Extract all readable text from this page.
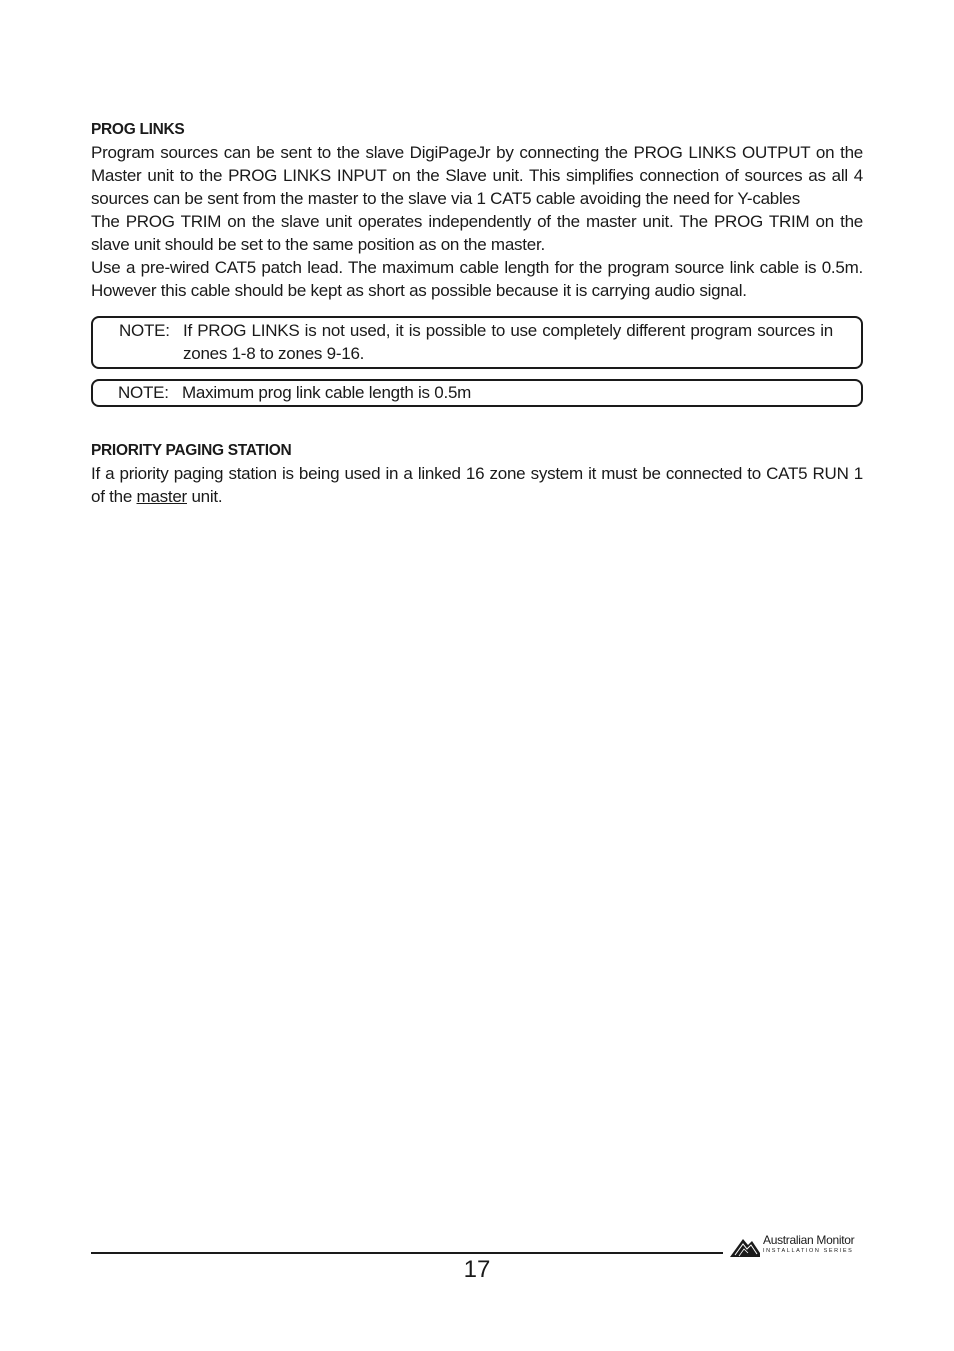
PROG LINKS

Program sources can be sent to the slave DigiPageJr by connecting the PROG LINKS OUTPUT on the Master unit to the PROG LINKS INPUT on the Slave unit. This simplifies connection of sources as all 4 sources can be sent from the master to the slave via 1 CAT5 cable avoiding the need for Y-cables

The PROG TRIM on the slave unit operates independently of the master unit. The PROG TRIM on the slave unit should be set to the same position as on the master.

Use a pre-wired CAT5 patch lead. The maximum cable length for the program source link cable is 0.5m. However this cable should be kept as short as possible because it is carrying audio signal.

NOTE: If PROG LINKS is not used, it is possible to use completely different program sources in zones 1-8 to zones 9-16.
NOTE: Maximum prog link cable length is 0.5m
PRIORITY PAGING STATION

If a priority paging station is being used in a linked 16 zone system it must be connected to CAT5 RUN 1 of the master unit.

17
Australian Monitor
INSTALLATION SERIES
